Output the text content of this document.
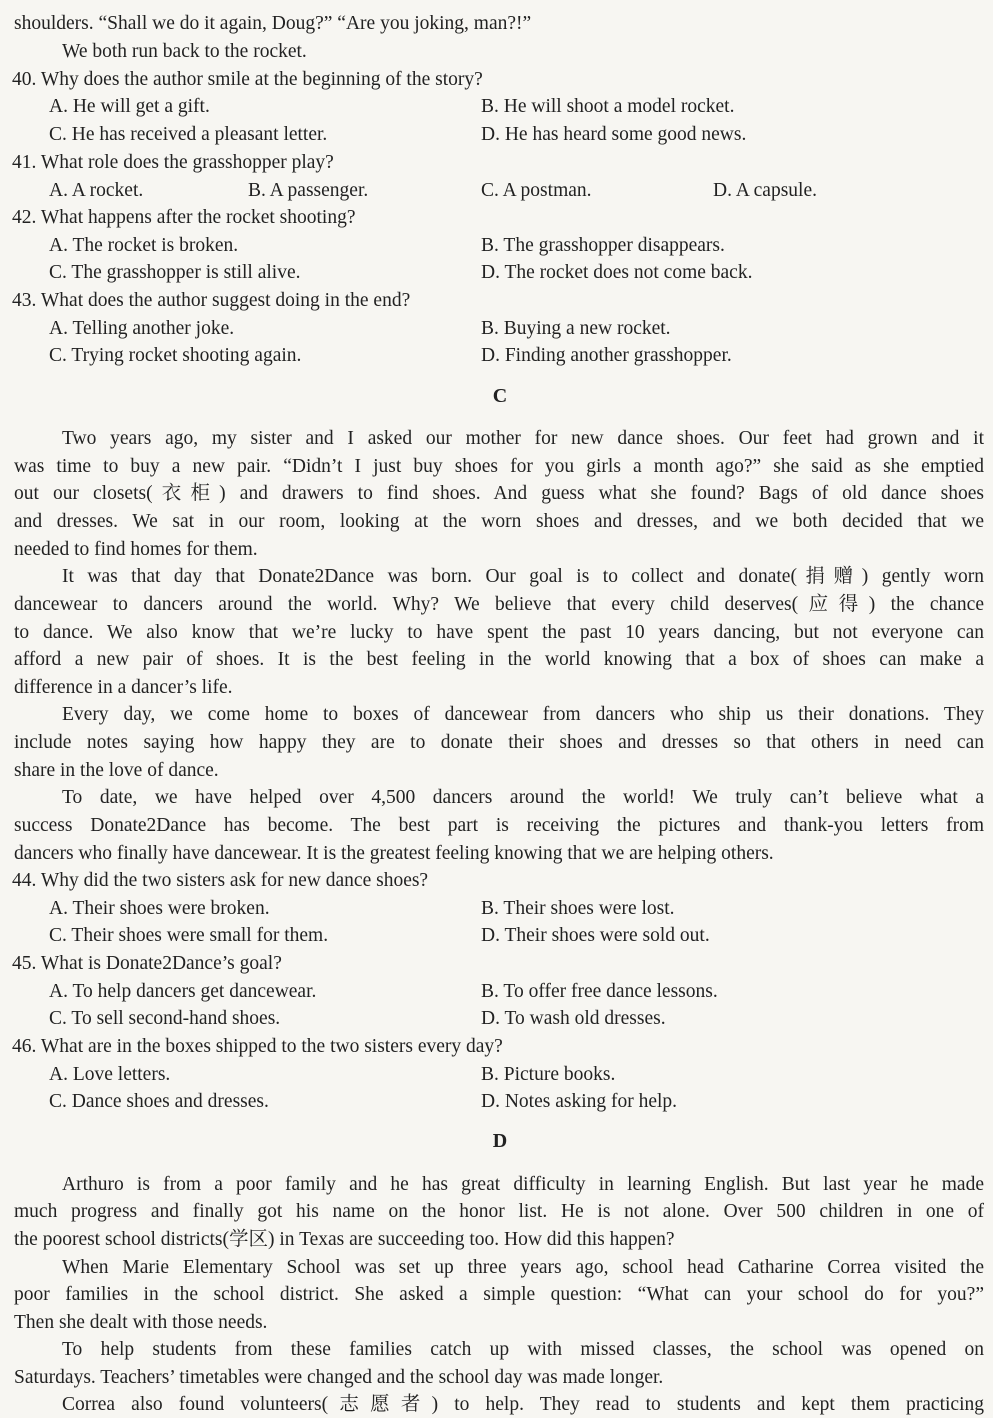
shoulders. “Shall we do it again, Doug?” “Are you joking, man?!”
We both run back to the rocket.
40. Why does the author smile at the beginning of the story?
A. He will get a gift.	B. He will shoot a model rocket.
C. He has received a pleasant letter.	D. He has heard some good news.
41. What role does the grasshopper play?
A. A rocket.	B. A passenger.	C. A postman.	D. A capsule.
42. What happens after the rocket shooting?
A. The rocket is broken.	B. The grasshopper disappears.
C. The grasshopper is still alive.	D. The rocket does not come back.
43. What does the author suggest doing in the end?
A. Telling another joke.	B. Buying a new rocket.
C. Trying rocket shooting again.	D. Finding another grasshopper.
C
Two years ago, my sister and I asked our mother for new dance shoes. Our feet had grown and it
was time to buy a new pair. “Didn’t I just buy shoes for you girls a month ago?” she said as she emptied
out our closets(衣柜) and drawers to find shoes. And guess what she found? Bags of old dance shoes
and dresses. We sat in our room, looking at the worn shoes and dresses, and we both decided that we
needed to find homes for them.
It was that day that Donate2Dance was born. Our goal is to collect and donate(捐赠) gently worn
dancewear to dancers around the world. Why? We believe that every child deserves(应得) the chance
to dance. We also know that we’re lucky to have spent the past 10 years dancing, but not everyone can
afford a new pair of shoes. It is the best feeling in the world knowing that a box of shoes can make a
difference in a dancer’s life.
Every day, we come home to boxes of dancewear from dancers who ship us their donations. They
include notes saying how happy they are to donate their shoes and dresses so that others in need can
share in the love of dance.
To date, we have helped over 4,500 dancers around the world! We truly can’t believe what a
success Donate2Dance has become. The best part is receiving the pictures and thank-you letters from
dancers who finally have dancewear. It is the greatest feeling knowing that we are helping others.
44. Why did the two sisters ask for new dance shoes?
A. Their shoes were broken.	B. Their shoes were lost.
C. Their shoes were small for them.	D. Their shoes were sold out.
45. What is Donate2Dance’s goal?
A. To help dancers get dancewear.	B. To offer free dance lessons.
C. To sell second-hand shoes.	D. To wash old dresses.
46. What are in the boxes shipped to the two sisters every day?
A. Love letters.	B. Picture books.
C. Dance shoes and dresses.	D. Notes asking for help.
D
Arthuro is from a poor family and he has great difficulty in learning English. But last year he made
much progress and finally got his name on the honor list. He is not alone. Over 500 children in one of
the poorest school districts(学区) in Texas are succeeding too. How did this happen?
When Marie Elementary School was set up three years ago, school head Catharine Correa visited the
poor families in the school district. She asked a simple question: “What can your school do for you?”
Then she dealt with those needs.
To help students from these families catch up with missed classes, the school was opened on
Saturdays. Teachers’ timetables were changed and the school day was made longer.
Correa also found volunteers(志愿者) to help. They read to students and kept them practicing
